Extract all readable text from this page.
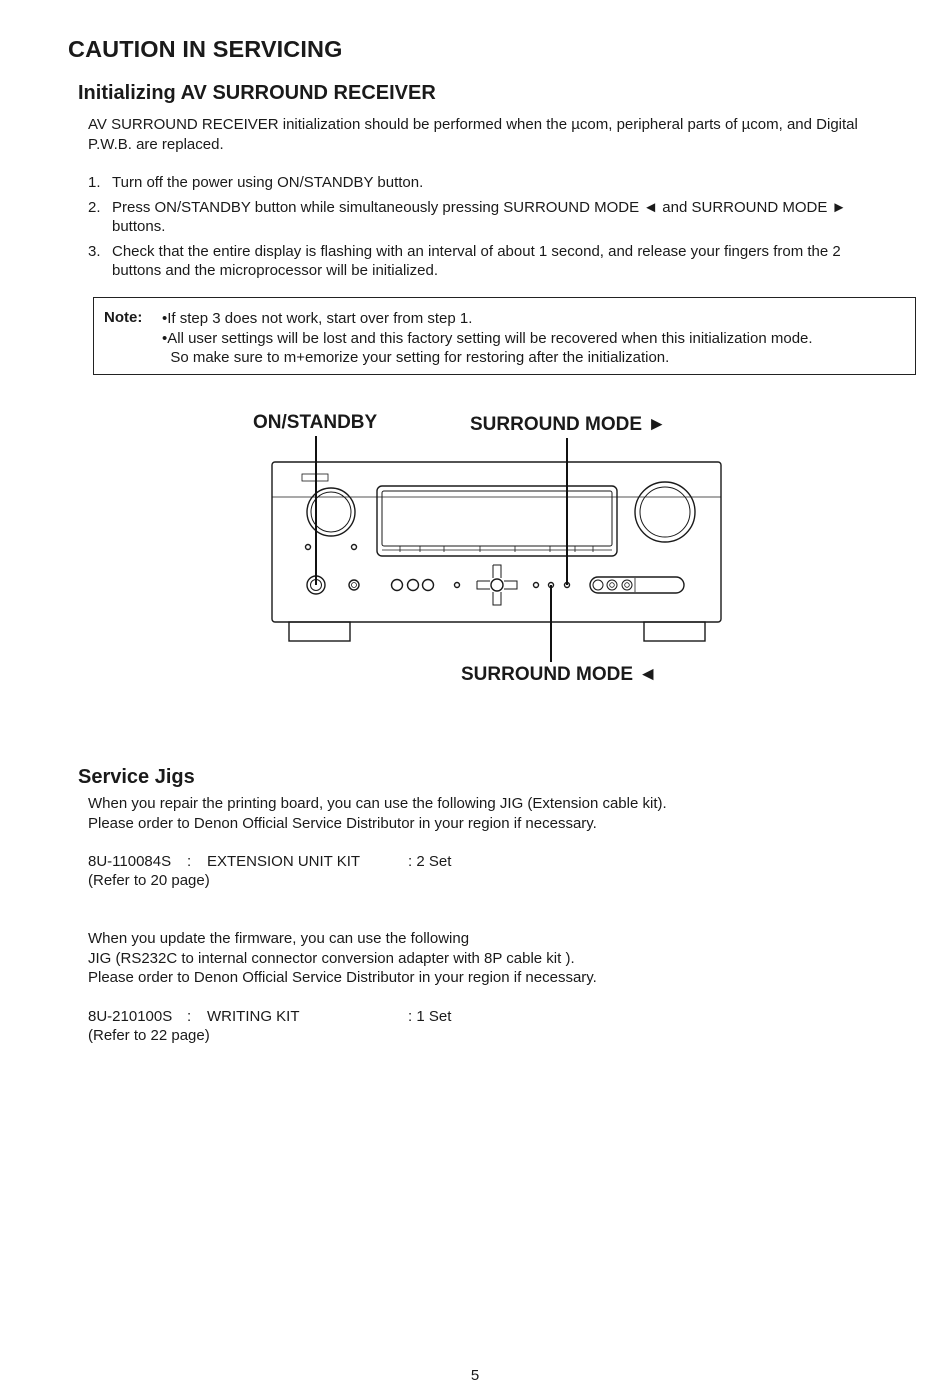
CAUTION IN SERVICING
Initializing AV SURROUND RECEIVER
AV SURROUND RECEIVER initialization should be performed when the µcom, peripheral parts of µcom, and Digital
P.W.B. are replaced.
1. Turn off the power using ON/STANDBY button.
2. Press ON/STANDBY button while simultaneously pressing SURROUND MODE ◄ and SURROUND MODE ►
buttons.
3. Check that the entire display is flashing with an interval of about 1 second, and release your fingers from the 2
buttons and the microprocessor will be initialized.
Note: •If step 3 does not work, start over from step 1.
•All user settings will be lost and this factory setting will be recovered when this initialization mode.
So make sure to m+emorize your setting for restoring after the initialization.
ON/STANDBY	SURROUND MODE ►
SURROUND MODE ◄
Service Jigs
When you repair the printing board, you can use the following JIG (Extension cable kit).
Please order to Denon Official Service Distributor in your region if necessary.
8U-110084S : EXTENSION UNIT KIT	: 2 Set
(Refer to 20 page)
When you update the firmware, you can use the following
JIG (RS232C to internal connector conversion adapter with 8P cable kit ).
Please order to Denon Official Service Distributor in your region if necessary.
8U-210100S : WRITING KIT	: 1 Set
(Refer to 22 page)
5
